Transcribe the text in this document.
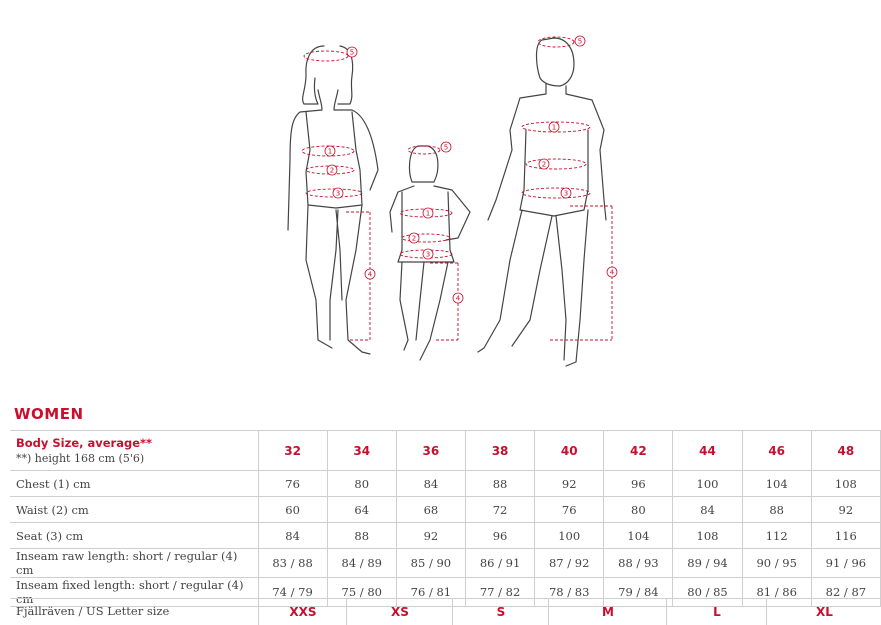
5
1
2
3
4
5
1
2
3
4
5
1
2
3
4
WOMEN
Body Size, average**
**) height 168 cm (5'6)	32	34	36	38	40	42	44	46	48
Chest (1) cm	76	80	84	88	92	96	100	104	108
Waist (2) cm	60	64	68	72	76	80	84	88	92
Seat (3) cm	84	88	92	96	100	104	108	112	116
Inseam raw length: short / regular (4) cm	83 / 88	84 / 89	85 / 90	86 / 91	87 / 92	88 / 93	89 / 94	90 / 95	91 / 96
Inseam fixed length: short / regular (4) cm	74 / 79	75 / 80	76 / 81	77 / 82	78 / 83	79 / 84	80 / 85	81 / 86	82 / 87
Fjällräven / US Letter size	XXS	XS	S	M	L	XL
